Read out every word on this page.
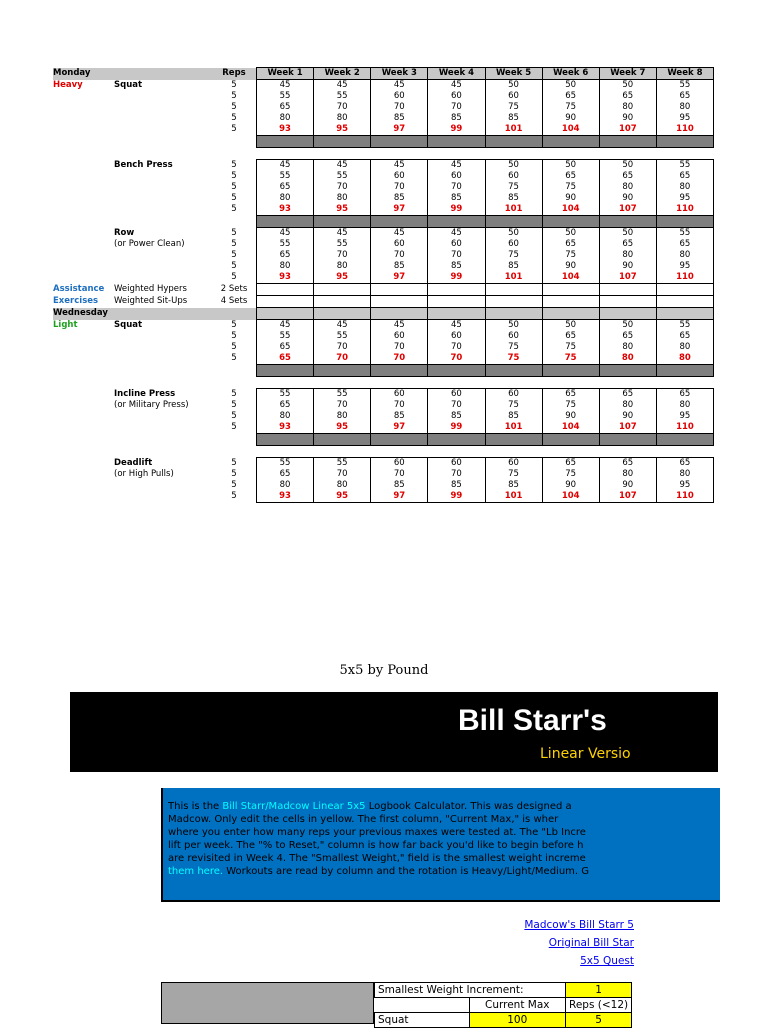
Monday		Reps	Week 1	Week 2	Week 3	Week 4	Week 5	Week 6	Week 7	Week 8
Heavy	Squat	5	45	45	45	45	50	50	50	55
		5	55	55	60	60	60	65	65	65
		5	65	70	70	70	75	75	80	80
		5	80	80	85	85	85	90	90	95
		5	93	95	97	99	101	104	107	110

	Bench Press	5	45	45	45	45	50	50	50	55
		5	55	55	60	60	60	65	65	65
		5	65	70	70	70	75	75	80	80
		5	80	80	85	85	85	90	90	95
		5	93	95	97	99	101	104	107	110

	Row	5	45	45	45	45	50	50	50	55
	(or Power Clean)	5	55	55	60	60	60	65	65	65
		5	65	70	70	70	75	75	80	80
		5	80	80	85	85	85	90	90	95
		5	93	95	97	99	101	104	107	110
Assistance	Weighted Hypers	2 Sets								
Exercises	Weighted Sit-Ups	4 Sets								
Wednesday										
Light	Squat	5	45	45	45	45	50	50	50	55
		5	55	55	60	60	60	65	65	65
		5	65	70	70	70	75	75	80	80
		5	65	70	70	70	75	75	80	80

	Incline Press	5	55	55	60	60	60	65	65	65
	(or Military Press)	5	65	70	70	70	75	75	80	80
		5	80	80	85	85	85	90	90	95
		5	93	95	97	99	101	104	107	110

	Deadlift	5	55	55	60	60	60	65	65	65
	(or High Pulls)	5	65	70	70	70	75	75	80	80
		5	80	80	85	85	85	90	90	95
		5	93	95	97	99	101	104	107	110
5x5 by Pound
Bill Starr's
Linear Versio
This is the Bill Starr/Madcow Linear 5x5 Logbook Calculator. This was designed a
Madcow. Only edit the cells in yellow. The first column, "Current Max," is wher
where you enter how many reps your previous maxes were tested at. The "Lb Incre
lift per week. The "% to Reset," column is how far back you'd like to begin before h
are revisited in Week 4. The "Smallest Weight," field is the smallest weight increme
them here. Workouts are read by column and the rotation is Heavy/Light/Medium. G
Madcow's Bill Starr 5
Original Bill Star
5x5 Quest
Smallest Weight Increment:		1
	Current Max	Reps (<12)
Squat	100	5
